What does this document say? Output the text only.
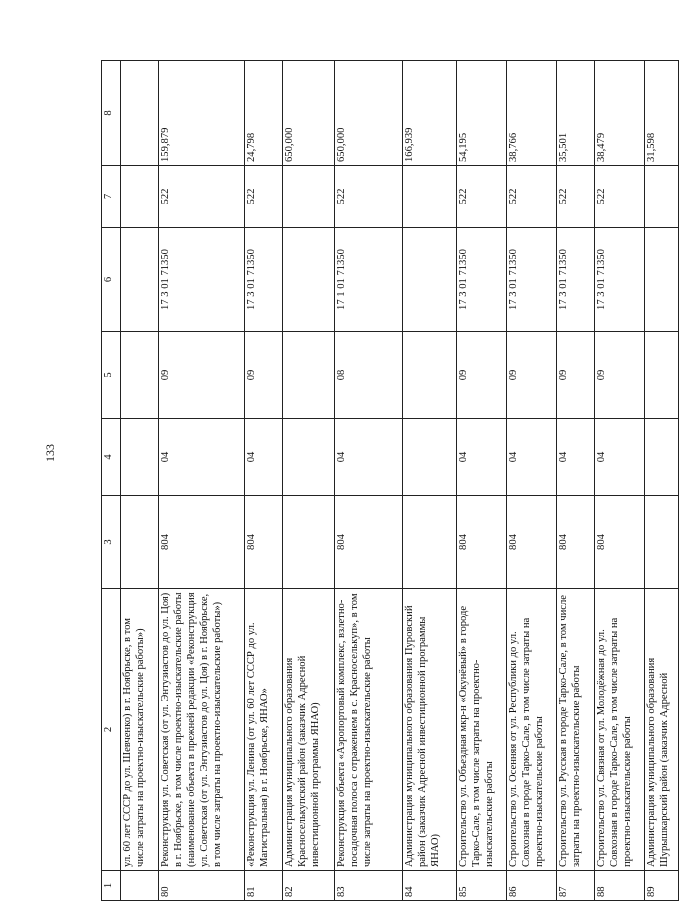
133
1	2	3	4	5	6	7	8
	ул. 60 лет СССР до ул. Шевченко) в г. Ноябрьске, в том числе затраты на проектно-изыскательские работы»)						
80	Реконструкция ул. Советская (от ул. Энтузиастов до ул. Цоя) в г. Ноябрьске, в том числе проектно-изыскательские работы (наименование объекта в прежней редакции «Реконструкция ул. Советская (от ул. Энтузиастов до ул. Цоя) в г. Ноябрьске, в том числе затраты на проектно-изыскательские работы»)	804	04	09	17 3 01 71350	522	159,879
81	«Реконструкция ул. Ленина (от ул. 60 лет СССР до ул. Магистральная) в г. Ноябрьске, ЯНАО»	804	04	09	17 3 01 71350	522	24,798
82	Администрация муниципального образования Красноселькупский район (заказчик Адресной инвестиционной программы ЯНАО)						650,000
83	Реконструкция объекта «Аэропортовый комплекс, взлетно-посадочная полоса с отражением в с. Красноселькуп», в том числе затраты на проектно-изыскательские работы	804	04	08	17 1 01 71350	522	650,000
84	Администрация муниципального образования Пуровский район (заказчик Адресной инвестиционной программы ЯНАО)						166,939
85	Строительство ул. Объездная мкр-н «Окунёвый» в городе Тарко-Сале, в том числе затраты на проектно-изыскательские работы	804	04	09	17 3 01 71350	522	54,195
86	Строительство ул. Осенняя от ул. Республики до ул. Совхозная в городе Тарко-Сале, в том числе затраты на проектно-изыскательские работы	804	04	09	17 3 01 71350	522	38,766
87	Строительство ул. Русская в городе Тарко-Сале, в том числе затраты на проектно-изыскательские работы	804	04	09	17 3 01 71350	522	35,501
88	Строительство ул. Связная от ул. Молодёжная до ул. Совхозная в городе Тарко-Сале, в том числе затраты на проектно-изыскательские работы	804	04	09	17 3 01 71350	522	38,479
89	Администрация муниципального образования Шурышкарский район (заказчик Адресной						31,598
